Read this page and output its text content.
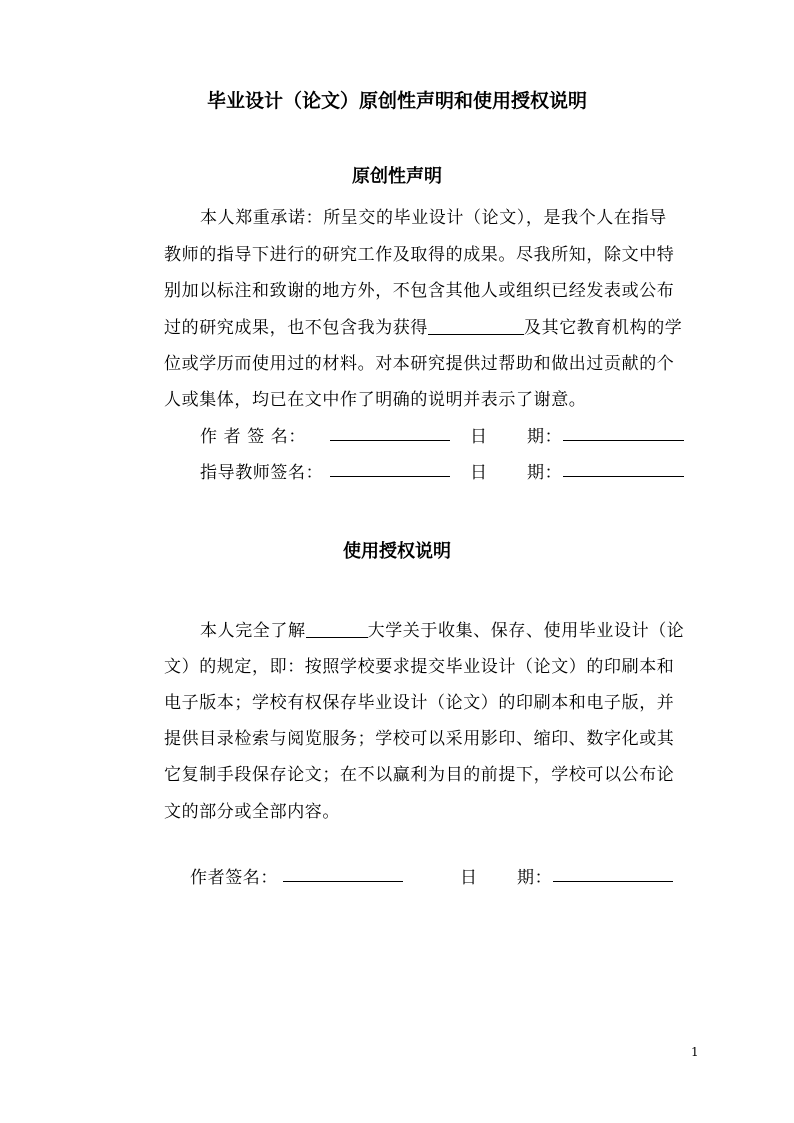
毕业设计（论文）原创性声明和使用授权说明
原创性声明
本人郑重承诺：所呈交的毕业设计（论文），是我个人在指导
教师的指导下进行的研究工作及取得的成果。尽我所知，除文中特
别加以标注和致谢的地方外，不包含其他人或组织已经发表或公布
过的研究成果，也不包含我为获得	及其它教育机构的学
位或学历而使用过的材料。对本研究提供过帮助和做出过贡献的个
人或集体，均已在文中作了明确的说明并表示了谢意。
作 者 签 名：	日 期：
指导教师签名：	日 期：
使用授权说明
本人完全了解	大学关于收集、保存、使用毕业设计（论
文）的规定，即：按照学校要求提交毕业设计（论文）的印刷本和
电子版本；学校有权保存毕业设计（论文）的印刷本和电子版，并
提供目录检索与阅览服务；学校可以采用影印、缩印、数字化或其
它复制手段保存论文；在不以赢利为目的前提下，学校可以公布论
文的部分或全部内容。
作者签名：	日 期：
1
